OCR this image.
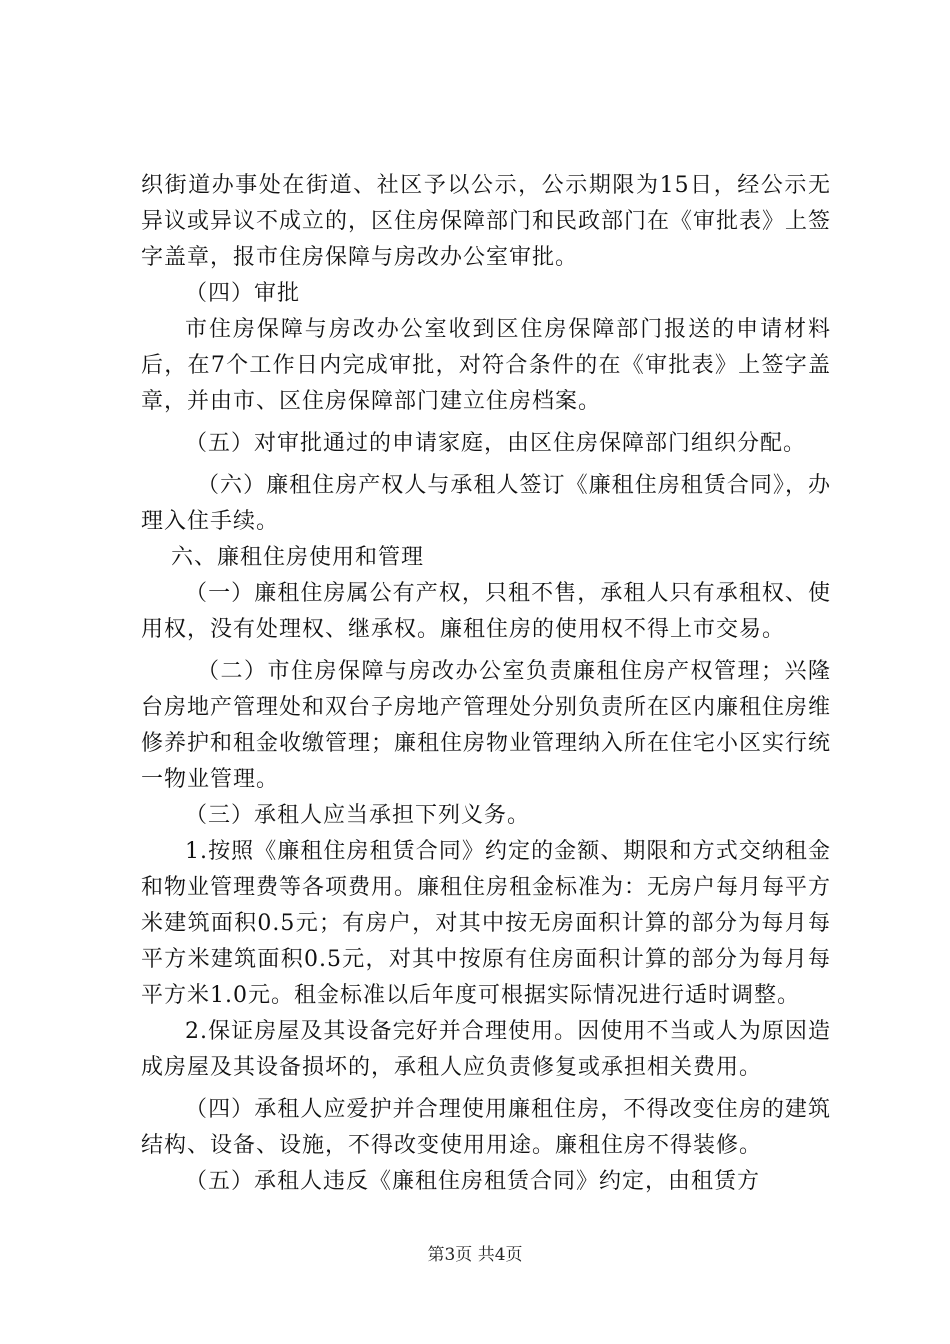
织街道办事处在街道、社区予以公示，公示期限为15日，经公示无异议或异议不成立的，区住房保障部门和民政部门在《审批表》上签字盖章，报市住房保障与房改办公室审批。

（四）审批

市住房保障与房改办公室收到区住房保障部门报送的申请材料后，在7个工作日内完成审批，对符合条件的在《审批表》上签字盖章，并由市、区住房保障部门建立住房档案。

（五）对审批通过的申请家庭，由区住房保障部门组织分配。

（六）廉租住房产权人与承租人签订《廉租住房租赁合同》，办理入住手续。

六、廉租住房使用和管理

（一）廉租住房属公有产权，只租不售，承租人只有承租权、使用权，没有处理权、继承权。廉租住房的使用权不得上市交易。

（二）市住房保障与房改办公室负责廉租住房产权管理；兴隆台房地产管理处和双台子房地产管理处分别负责所在区内廉租住房维修养护和租金收缴管理；廉租住房物业管理纳入所在住宅小区实行统一物业管理。

（三）承租人应当承担下列义务。

1.按照《廉租住房租赁合同》约定的金额、期限和方式交纳租金和物业管理费等各项费用。廉租住房租金标准为：无房户每月每平方米建筑面积0.5元；有房户，对其中按无房面积计算的部分为每月每平方米建筑面积0.5元，对其中按原有住房面积计算的部分为每月每平方米1.0元。租金标准以后年度可根据实际情况进行适时调整。

2.保证房屋及其设备完好并合理使用。因使用不当或人为原因造成房屋及其设备损坏的，承租人应负责修复或承担相关费用。

（四）承租人应爱护并合理使用廉租住房，不得改变住房的建筑结构、设备、设施，不得改变使用用途。廉租住房不得装修。

（五）承租人违反《廉租住房租赁合同》约定，由租赁方

第3页 共4页
